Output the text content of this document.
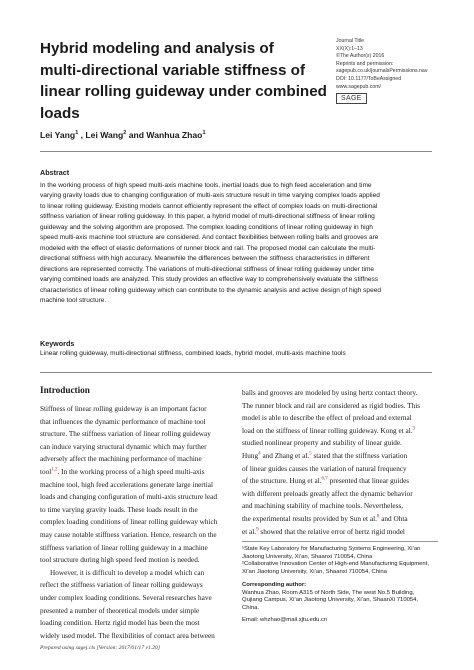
Hybrid modeling and analysis of
multi-directional variable stiffness of
linear rolling guideway under combined
loads
Journal Title
XX(X):1–13
©The Author(s) 2016
Reprints and permission:
sagepub.co.uk/journalsPermissions.nav
DOI: 10.1177/ToBeAssigned
www.sagepub.com/
SAGE
Lei Yang$^1$ , Lei Wang$^2$ and Wanhua Zhao$^1$
Abstract
In the working process of high speed multi-axis machine tools, inertial loads due to high feed acceleration and time
varying gravity loads due to changing configuration of multi-axis structure result in time varying complex loads applied
to linear rolling guideway. Existing models cannot efficiently represent the effect of complex loads on multi-directional
stiffness variation of linear rolling guideway. In this paper, a hybrid model of multi-directional stiffness of linear rolling
guideway and the solving algorithm are proposed. The complex loading conditions of linear rolling guideway in high
speed multi-axis machine tool structure are considered. And contact flexibilities between rolling balls and grooves are
modeled with the effect of elastic deformations of runner block and rail. The proposed model can calculate the multi-
directional stiffness with high accuracy. Meanwhile the differences between the stiffness characteristics in different
directions are represented correctly. The variations of multi-directional stiffness of linear rolling guideway under time
varying combined loads are analyzed. This study provides an effective way to comprehensively evaluate the stiffness
characteristics of linear rolling guideway which can contribute to the dynamic analysis and active design of high speed
machine tool structure.
Keywords
Linear rolling guideway, multi-directional stiffness, combined loads, hybrid model, multi-axis machine tools
Introduction
Stiffness of linear rolling guideway is an important factor
that influences the dynamic performance of machine tool
structure. The stiffness variation of linear rolling guideway
can induce varying structural dynamic which may further
adversely affect the machining performance of machine
tool$^{1,2}$. In the working process of a high speed multi-axis
machine tool, high feed accelerations generate large inertial
loads and changing configuration of multi-axis structure lead
to time varying gravity loads. These loads result in the
complex loading conditions of linear rolling guideway which
may cause notable stiffness variation. Hence, research on the
stiffness variation of linear rolling guideway in a machine
tool structure during high speed feed motion is needed.
However, it is difficult to develop a model which can
reflect the stiffness variation of linear rolling guideways
under complex loading conditions. Several researches have
presented a number of theoretical models under simple
loading condition. Hertz rigid model has been the most
widely used model. The flexibilities of contact area between
balls and grooves are modeled by using hertz contact theory.
The runner block and rail are considered as rigid bodies. This
model is able to describe the effect of preload and external
load on the stiffness of linear rolling guideway. Kong et al.$^3$
studied nonlinear property and stability of linear guide.
Hung$^4$ and Zhang et al.$^5$ stated that the stiffness variation
of linear guides causes the variation of natural frequency
of the structure. Hung et al.$^{6,7}$ presented that linear guides
with different preloads greatly affect the dynamic behavior
and machining stability of machine tools. Nevertheless,
the experimental results provided by Sun et al.$^8$ and Ohta
et al.$^9$ showed that the relative error of hertz rigid model
¹State Key Laboratory for Manufacturing Systems Engineering, Xi’an
Jiaotong University, Xi’an, Shaanxi 710054, China
²Collaborative Innovation Center of High-end Manufacturing Equipment,
Xi’an Jiaotong University, Xi’an, Shaanxi 710054, China
Corresponding author:
Wanhua Zhao, Room A315 of North Side, The west No.5 Building,
Qujiang Campus, Xi’an Jiaotong University, Xi’an, ShaanXi 710054,
China.
Email: whzhao@mail.xjtu.edu.cn
Prepared using sagej.cls [Version: 2017/01/17 v1.20]
